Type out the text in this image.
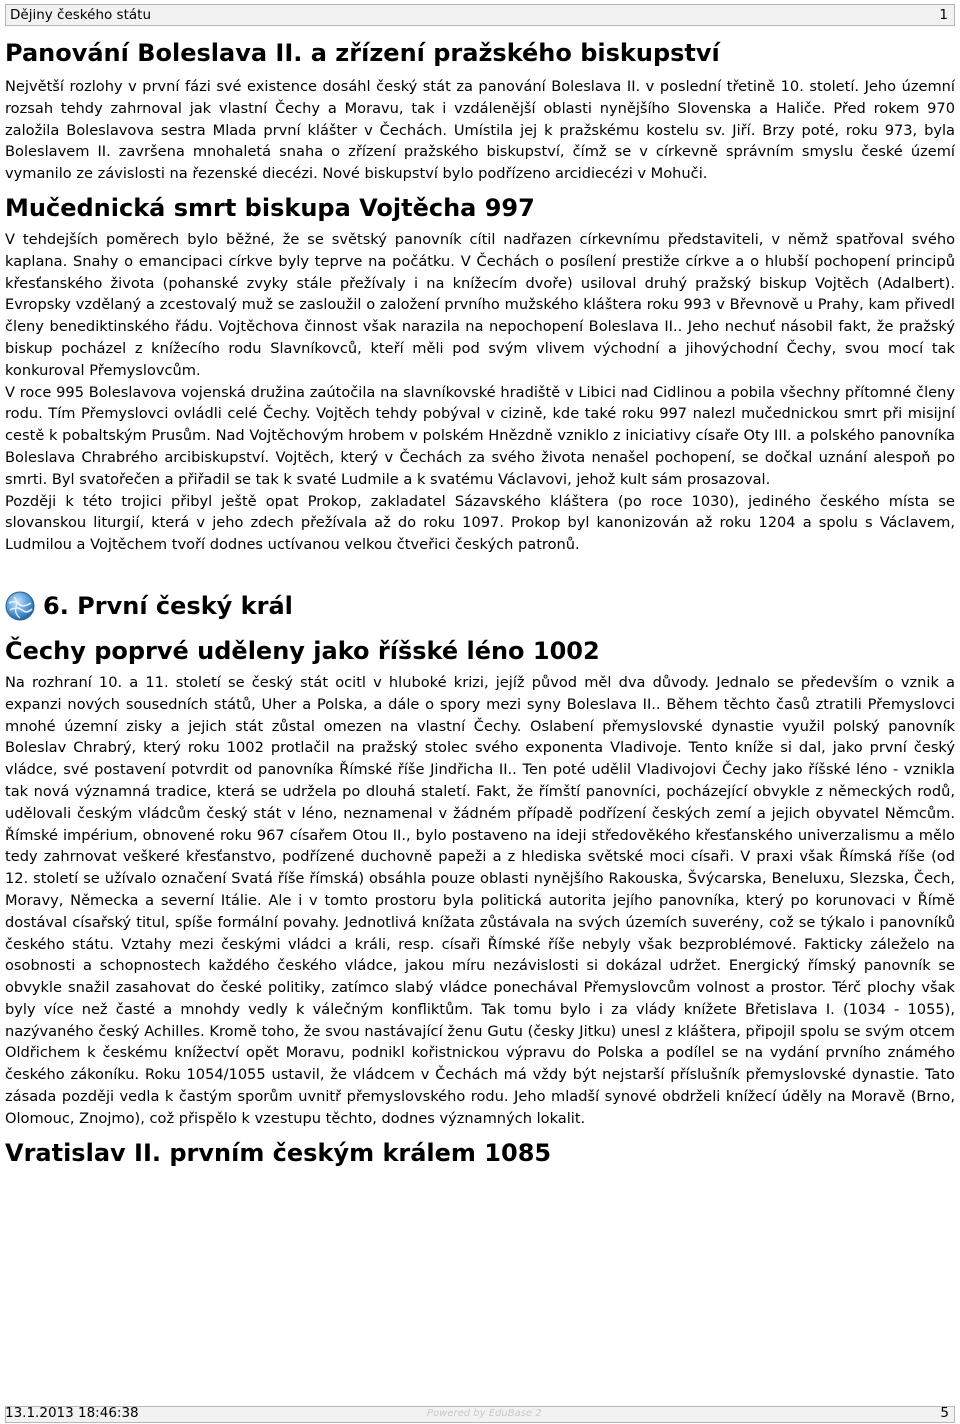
Dějiny českého státu	1
Panování Boleslava II. a zřízení pražského biskupství

Největší rozlohy v první fázi své existence dosáhl český stát za panování Boleslava II. v poslední třetině 10. století. Jeho územní rozsah tehdy zahrnoval jak vlastní Čechy a Moravu, tak i vzdálenější oblasti nynějšího Slovenska a Haliče. Před rokem 970 založila Boleslavova sestra Mlada první klášter v Čechách. Umístila jej k pražskému kostelu sv. Jiří. Brzy poté, roku 973, byla Boleslavem II. završena mnohaletá snaha o zřízení pražského biskupství, čímž se v církevně správním smyslu české území vymanilo ze závislosti na řezenské diecézi. Nové biskupství bylo podřízeno arcidiecézi v Mohuči.

Mučednická smrt biskupa Vojtěcha 997

V tehdejších poměrech bylo běžné, že se světský panovník cítil nadřazen církevnímu představiteli, v němž spatřoval svého kaplana. Snahy o emancipaci církve byly teprve na počátku. V Čechách o posílení prestiže církve a o hlubší pochopení principů křesťanského života (pohanské zvyky stále přežívaly i na knížecím dvoře) usiloval druhý pražský biskup Vojtěch (Adalbert). Evropsky vzdělaný a zcestovalý muž se zasloužil o založení prvního mužského kláštera roku 993 v Břevnově u Prahy, kam přivedl členy benediktinského řádu. Vojtěchova činnost však narazila na nepochopení Boleslava II.. Jeho nechuť násobil fakt, že pražský biskup pocházel z knížecího rodu Slavníkovců, kteří měli pod svým vlivem východní a jihovýchodní Čechy, svou mocí tak konkuroval Přemyslovcům.

V roce 995 Boleslavova vojenská družina zaútočila na slavníkovské hradiště v Libici nad Cidlinou a pobila všechny přítomné členy rodu. Tím Přemyslovci ovládli celé Čechy. Vojtěch tehdy pobýval v cizině, kde také roku 997 nalezl mučednickou smrt při misijní cestě k pobaltským Prusům. Nad Vojtěchovým hrobem v polském Hnězdně vzniklo z iniciativy císaře Oty III. a polského panovníka Boleslava Chrabrého arcibiskupství. Vojtěch, který v Čechách za svého života nenašel pochopení, se dočkal uznání alespoň po smrti. Byl svatořečen a přiřadil se tak k svaté Ludmile a k svatému Václavovi, jehož kult sám prosazoval.

Později k této trojici přibyl ještě opat Prokop, zakladatel Sázavského kláštera (po roce 1030), jediného českého místa se slovanskou liturgií, která v jeho zdech přežívala až do roku 1097. Prokop byl kanonizován až roku 1204 a spolu s Václavem, Ludmilou a Vojtěchem tvoří dodnes uctívanou velkou čtveřici českých patronů.

6. První český král
Čechy poprvé uděleny jako říšské léno 1002

Na rozhraní 10. a 11. století se český stát ocitl v hluboké krizi, jejíž původ měl dva důvody. Jednalo se především o vznik a expanzi nových sousedních států, Uher a Polska, a dále o spory mezi syny Boleslava II.. Během těchto časů ztratili Přemyslovci mnohé územní zisky a jejich stát zůstal omezen na vlastní Čechy. Oslabení přemyslovské dynastie využil polský panovník Boleslav Chrabrý, který roku 1002 protlačil na pražský stolec svého exponenta Vladivoje. Tento kníže si dal, jako první český vládce, své postavení potvrdit od panovníka Římské říše Jindřicha II.. Ten poté udělil Vladivojovi Čechy jako říšské léno - vznikla tak nová významná tradice, která se udržela po dlouhá staletí. Fakt, že římští panovníci, pocházející obvykle z německých rodů, udělovali českým vládcům český stát v léno, neznamenal v žádném případě podřízení českých zemí a jejich obyvatel Němcům. Římské impérium, obnovené roku 967 císařem Otou II., bylo postaveno na ideji středověkého křesťanského univerzalismu a mělo tedy zahrnovat veškeré křesťanstvo, podřízené duchovně papeži a z hlediska světské moci císaři. V praxi však Římská říše (od 12. století se užívalo označení Svatá říše římská) obsáhla pouze oblasti nynějšího Rakouska, Švýcarska, Beneluxu, Slezska, Čech, Moravy, Německa a severní Itálie. Ale i v tomto prostoru byla politická autorita jejího panovníka, který po korunovaci v Římě dostával císařský titul, spíše formální povahy. Jednotlivá knížata zůstávala na svých územích suverény, což se týkalo i panovníků českého státu. Vztahy mezi českými vládci a králi, resp. císaři Římské říše nebyly však bezproblémové. Fakticky záleželo na osobnosti a schopnostech každého českého vládce, jakou míru nezávislosti si dokázal udržet. Energický římský panovník se obvykle snažil zasahovat do české politiky, zatímco slabý vládce ponechával Přemyslovcům volnost a prostor. Térč plochy však byly více než časté a mnohdy vedly k válečným konfliktům. Tak tomu bylo i za vlády knížete Břetislava I. (1034 - 1055), nazývaného český Achilles. Kromě toho, že svou nastávající ženu Gutu (česky Jitku) unesl z kláštera, připojil spolu se svým otcem Oldřichem k českému knížectví opět Moravu, podnikl kořistnickou výpravu do Polska a podílel se na vydání prvního známého českého zákoníku. Roku 1054/1055 ustavil, že vládcem v Čechách má vždy být nejstarší příslušník přemyslovské dynastie. Tato zásada později vedla k častým sporům uvnitř přemyslovského rodu. Jeho mladší synové obdrželi knížecí úděly na Moravě (Brno, Olomouc, Znojmo), což přispělo k vzestupu těchto, dodnes významných lokalit.

Vratislav II. prvním českým králem 1085
13.1.2013 18:46:38	Powered by EduBase 2	5
